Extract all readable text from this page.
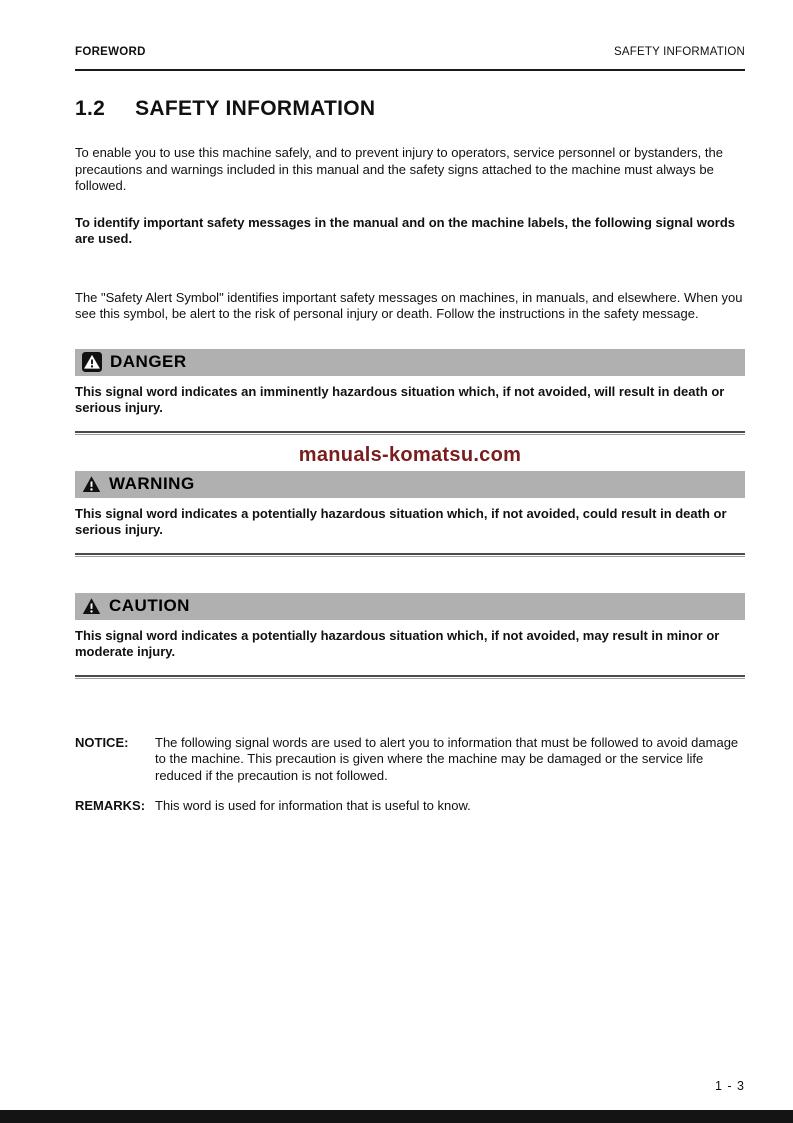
FOREWORD	SAFETY INFORMATION
1.2 SAFETY INFORMATION

To enable you to use this machine safely, and to prevent injury to operators, service personnel or bystanders, the precautions and warnings included in this manual and the safety signs attached to the machine must always be followed.

To identify important safety messages in the manual and on the machine labels, the following signal words are used.

The "Safety Alert Symbol" identifies important safety messages on machines, in manuals, and elsewhere. When you see this symbol, be alert to the risk of personal injury or death. Follow the instructions in the safety message.

DANGER

This signal word indicates an imminently hazardous situation which, if not avoided, will result in death or serious injury.

manuals-komatsu.com
WARNING

This signal word indicates a potentially hazardous situation which, if not avoided, could result in death or serious injury.

CAUTION

This signal word indicates a potentially hazardous situation which, if not avoided, may result in minor or moderate injury.

NOTICE:	The following signal words are used to alert you to information that must be followed to avoid damage to the machine. This precaution is given where the machine may be damaged or the service life reduced if the precaution is not followed.

REMARKS: This word is used for information that is useful to know.

1 - 3
